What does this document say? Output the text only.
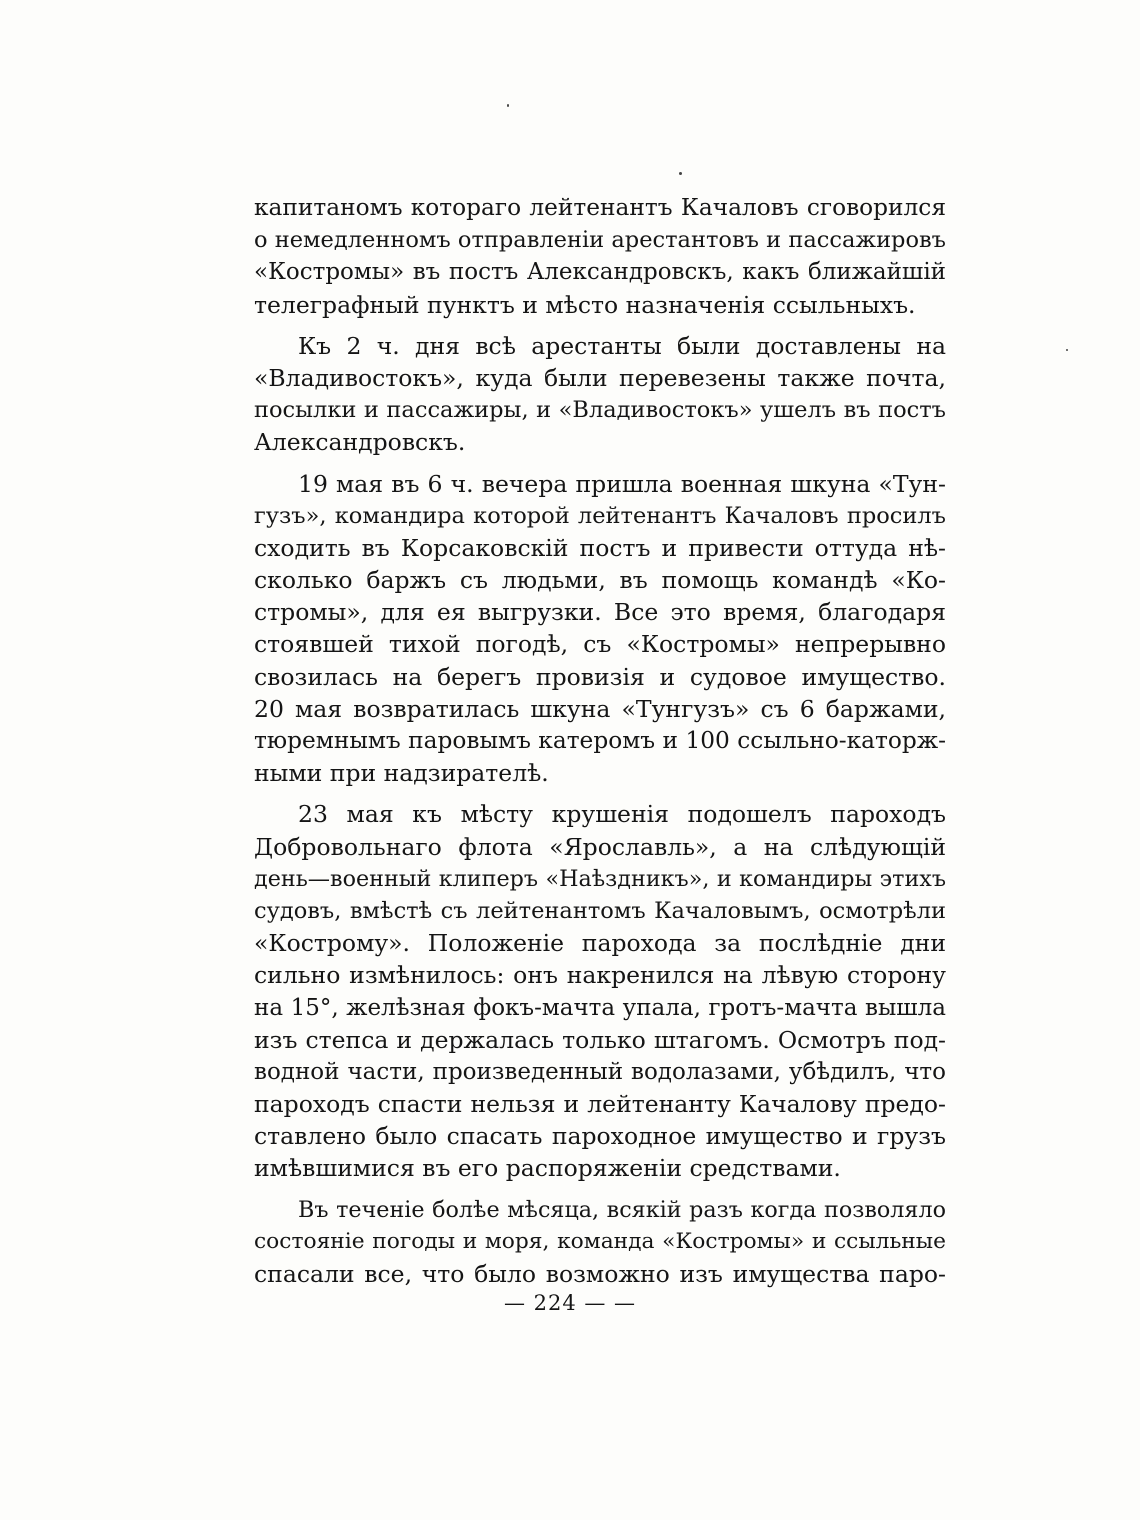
капитаномъ котораго лейтенантъ Качаловъ сговорился
о немедленномъ отправленіи арестантовъ и пассажировъ
«Костромы» въ постъ Александровскъ, какъ ближайшій
телеграфный пунктъ и мѣсто назначенія ссыльныхъ.
Къ 2 ч. дня всѣ арестанты были доставлены на
«Владивостокъ», куда были перевезены также почта,
посылки и пассажиры, и «Владивостокъ» ушелъ въ постъ
Александровскъ.
19 мая въ 6 ч. вечера пришла военная шкуна «Тун-
гузъ», командира которой лейтенантъ Качаловъ просилъ
сходить въ Корсаковскій постъ и привести оттуда нѣ-
сколько баржъ съ людьми, въ помощь командѣ «Ко-
стромы», для ея выгрузки. Все это время, благодаря
стоявшей тихой погодѣ, съ «Костромы» непрерывно
свозилась на берегъ провизія и судовое имущество.
20 мая возвратилась шкуна «Тунгузъ» съ 6 баржами,
тюремнымъ паровымъ катеромъ и 100 ссыльно-каторж-
ными при надзирателѣ.
23 мая къ мѣсту крушенія подошелъ пароходъ
Добровольнаго флота «Ярославль», а на слѣдующій
день—военный клиперъ «Наѣздникъ», и командиры этихъ
судовъ, вмѣстѣ съ лейтенантомъ Качаловымъ, осмотрѣли
«Кострому». Положеніе парохода за послѣдніе дни
сильно измѣнилось: онъ накренился на лѣвую сторону
на 15°, желѣзная фокъ-мачта упала, гротъ-мачта вышла
изъ степса и держалась только штагомъ. Осмотръ под-
водной части, произведенный водолазами, убѣдилъ, что
пароходъ спасти нельзя и лейтенанту Качалову предо-
ставлено было спасать пароходное имущество и грузъ
имѣвшимися въ его распоряженіи средствами.
Въ теченіе болѣе мѣсяца, всякій разъ когда позволяло
состояніе погоды и моря, команда «Костромы» и ссыльные
спасали все, что было возможно изъ имущества паро-
— 224 — —
